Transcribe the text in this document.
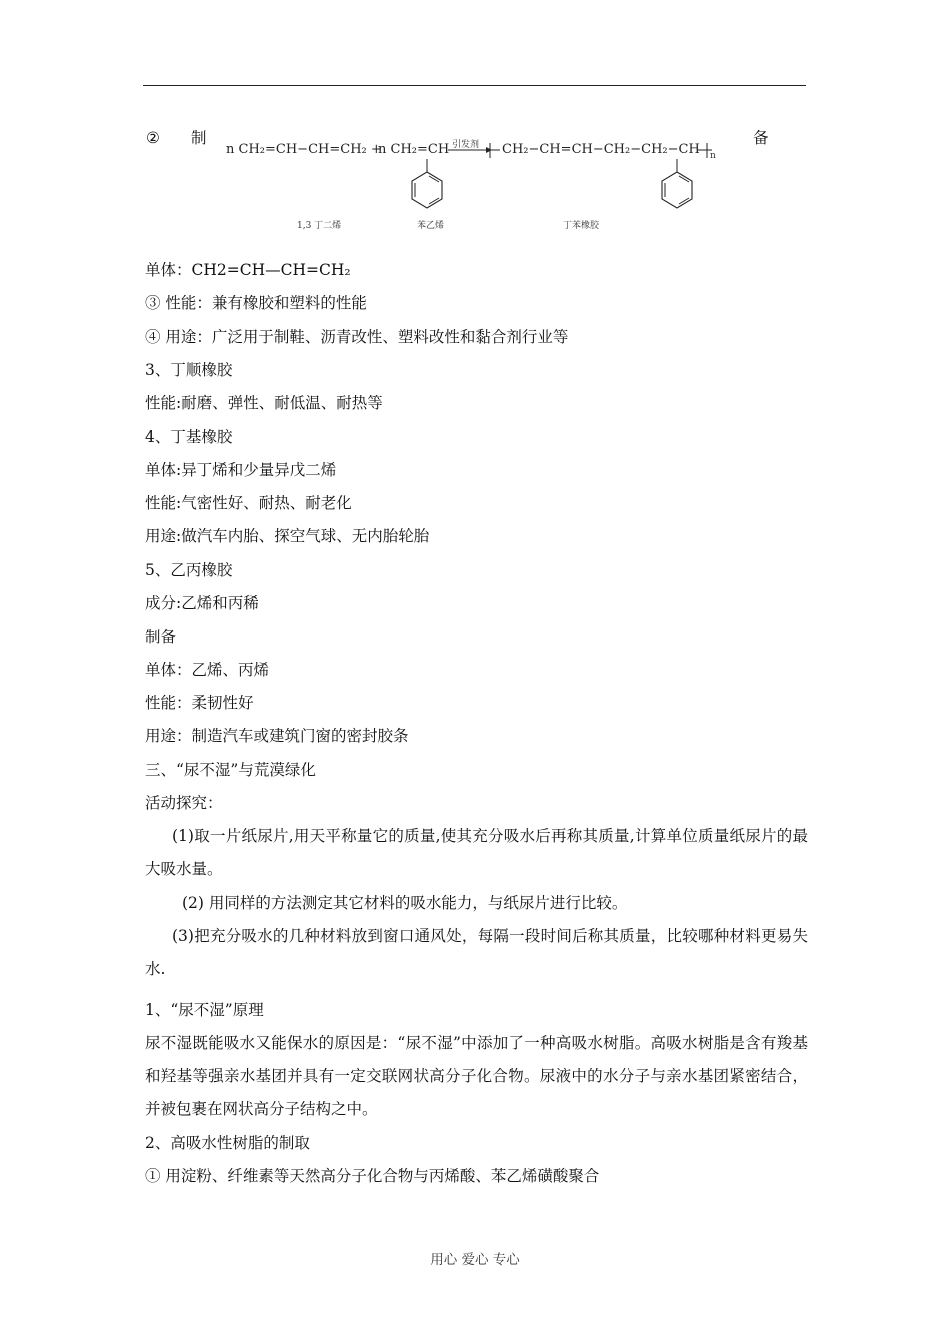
② 制	备
n CH₂=CH−CH=CH₂ +
n CH₂=CH 引发剂 CH₂−CH=CH−CH₂−CH₂−CH n
1,3 丁二烯	苯乙烯	丁苯橡胶
单体：CH2=CH—CH=CH₂
③ 性能：兼有橡胶和塑料的性能
④ 用途：广泛用于制鞋、沥青改性、塑料改性和黏合剂行业等
3、丁顺橡胶
性能:耐磨、弹性、耐低温、耐热等
4、丁基橡胶
单体:异丁烯和少量异戊二烯
性能:气密性好、耐热、耐老化
用途:做汽车内胎、探空气球、无内胎轮胎
5、乙丙橡胶
成分:乙烯和丙稀
制备
单体：乙烯、丙烯
性能：柔韧性好
用途：制造汽车或建筑门窗的密封胶条
三、“尿不湿”与荒漠绿化
活动探究：
(1)取一片纸尿片,用天平称量它的质量,使其充分吸水后再称其质量,计算单位质量纸尿片的最大吸水量。
(2) 用同样的方法测定其它材料的吸水能力，与纸尿片进行比较。
(3)把充分吸水的几种材料放到窗口通风处，每隔一段时间后称其质量，比较哪种材料更易失水.
1、“尿不湿”原理
尿不湿既能吸水又能保水的原因是：“尿不湿”中添加了一种高吸水树脂。高吸水树脂是含有羧基和羟基等强亲水基团并具有一定交联网状高分子化合物。尿液中的水分子与亲水基团紧密结合，并被包裹在网状高分子结构之中。
2、高吸水性树脂的制取
① 用淀粉、纤维素等天然高分子化合物与丙烯酸、苯乙烯磺酸聚合
用心 爱心 专心
